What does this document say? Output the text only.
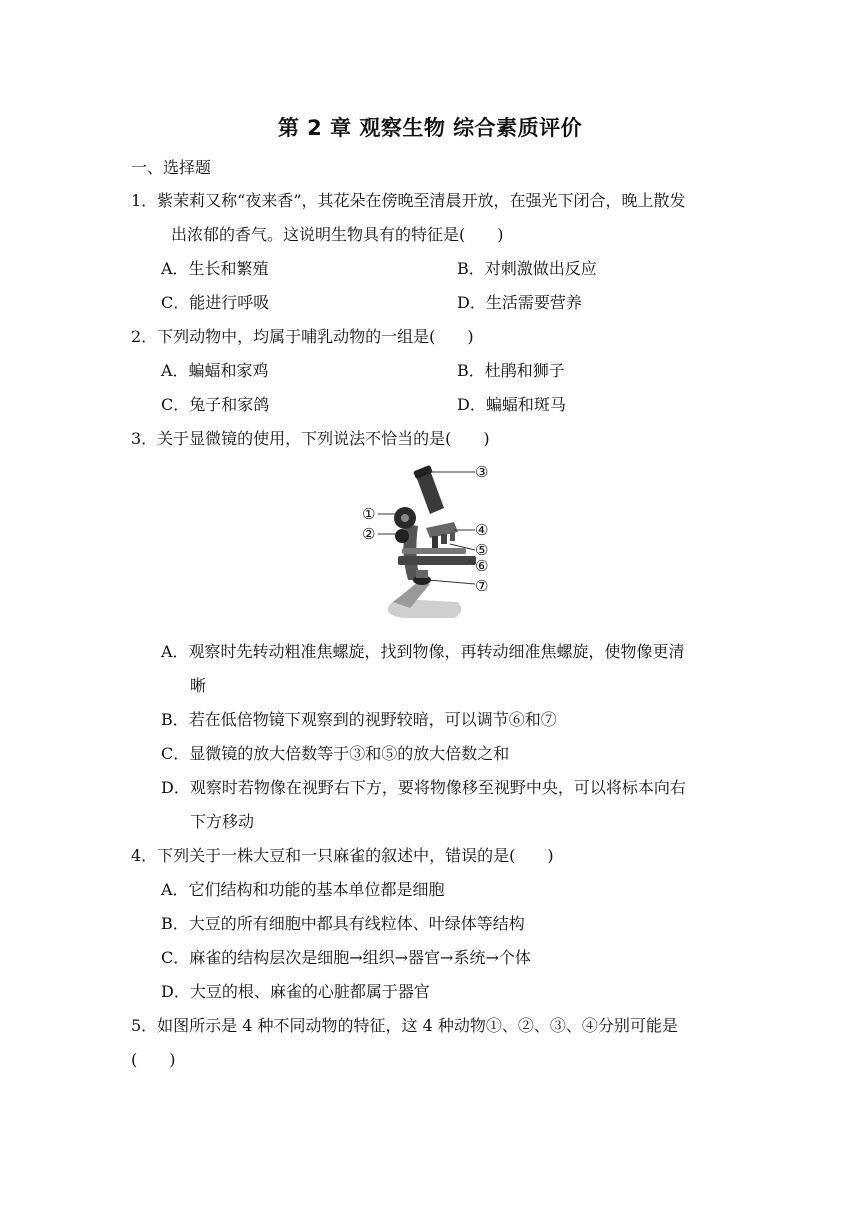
第 2 章 观察生物 综合素质评价
一、选择题
1．紫茉莉又称“夜来香”，其花朵在傍晚至清晨开放，在强光下闭合，晚上散发
出浓郁的香气。这说明生物具有的特征是(　　)
A．生长和繁殖	B．对刺激做出反应
C．能进行呼吸	D．生活需要营养
2．下列动物中，均属于哺乳动物的一组是(　　)
A．蝙蝠和家鸡	B．杜鹃和狮子
C．兔子和家鸽	D．蝙蝠和斑马
3．关于显微镜的使用，下列说法不恰当的是(　　)
③
①
②	④
⑤
⑥
⑦
A．观察时先转动粗准焦螺旋，找到物像，再转动细准焦螺旋，使物像更清
晰
B．若在低倍物镜下观察到的视野较暗，可以调节⑥和⑦
C．显微镜的放大倍数等于③和⑤的放大倍数之和
D．观察时若物像在视野右下方，要将物像移至视野中央，可以将标本向右
下方移动
4．下列关于一株大豆和一只麻雀的叙述中，错误的是(　　)
A．它们结构和功能的基本单位都是细胞
B．大豆的所有细胞中都具有线粒体、叶绿体等结构
C．麻雀的结构层次是细胞→组织→器官→系统→个体
D．大豆的根、麻雀的心脏都属于器官
5．如图所示是 4 种不同动物的特征，这 4 种动物①、②、③、④分别可能是
(　　)
